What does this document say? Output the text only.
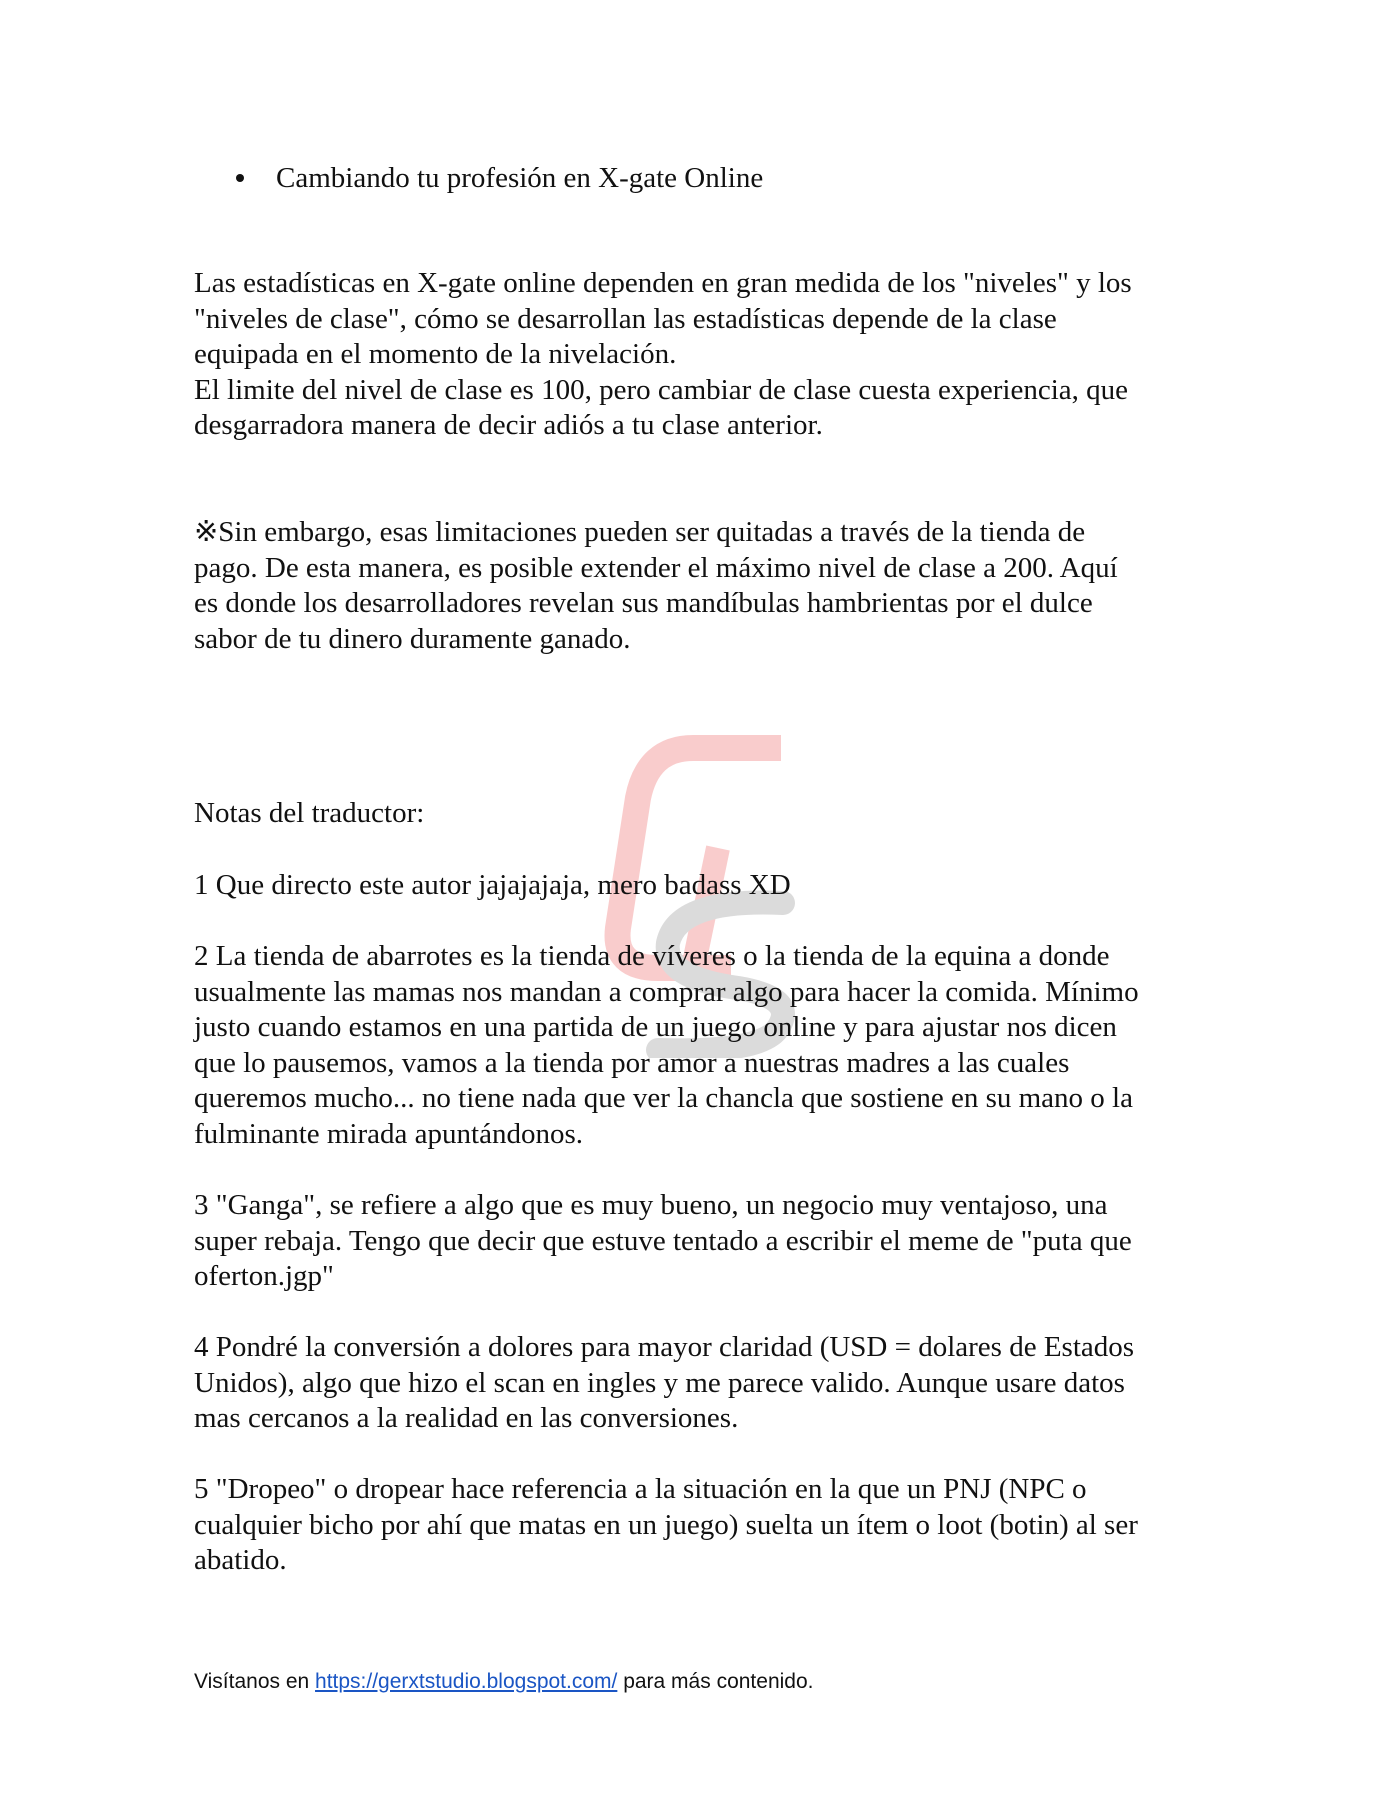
Cambiando tu profesión en X-gate Online

Las estadísticas en X-gate online dependen en gran medida de los "niveles" y los
"niveles de clase", cómo se desarrollan las estadísticas depende de la clase
equipada en el momento de la nivelación.
El limite del nivel de clase es 100, pero cambiar de clase cuesta experiencia, que
desgarradora manera de decir adiós a tu clase anterior.

※Sin embargo, esas limitaciones pueden ser quitadas a través de la tienda de
pago. De esta manera, es posible extender el máximo nivel de clase a 200. Aquí
es donde los desarrolladores revelan sus mandíbulas hambrientas por el dulce
sabor de tu dinero duramente ganado.

Notas del traductor:

1 Que directo este autor jajajajaja, mero badass XD

2 La tienda de abarrotes es la tienda de víveres o la tienda de la equina a donde
usualmente las mamas nos mandan a comprar algo para hacer la comida. Mínimo
justo cuando estamos en una partida de un juego online y para ajustar nos dicen
que lo pausemos, vamos a la tienda por amor a nuestras madres a las cuales
queremos mucho... no tiene nada que ver la chancla que sostiene en su mano o la
fulminante mirada apuntándonos.

3 "Ganga", se refiere a algo que es muy bueno, un negocio muy ventajoso, una
super rebaja. Tengo que decir que estuve tentado a escribir el meme de "puta que
oferton.jgp"

4 Pondré la conversión a dolores para mayor claridad (USD = dolares de Estados
Unidos), algo que hizo el scan en ingles y me parece valido. Aunque usare datos
mas cercanos a la realidad en las conversiones.

5 "Dropeo" o dropear hace referencia a la situación en la que un PNJ (NPC o
cualquier bicho por ahí que matas en un juego) suelta un ítem o loot (botin) al ser
abatido.

Visítanos en https://gerxtstudio.blogspot.com/ para más contenido.
